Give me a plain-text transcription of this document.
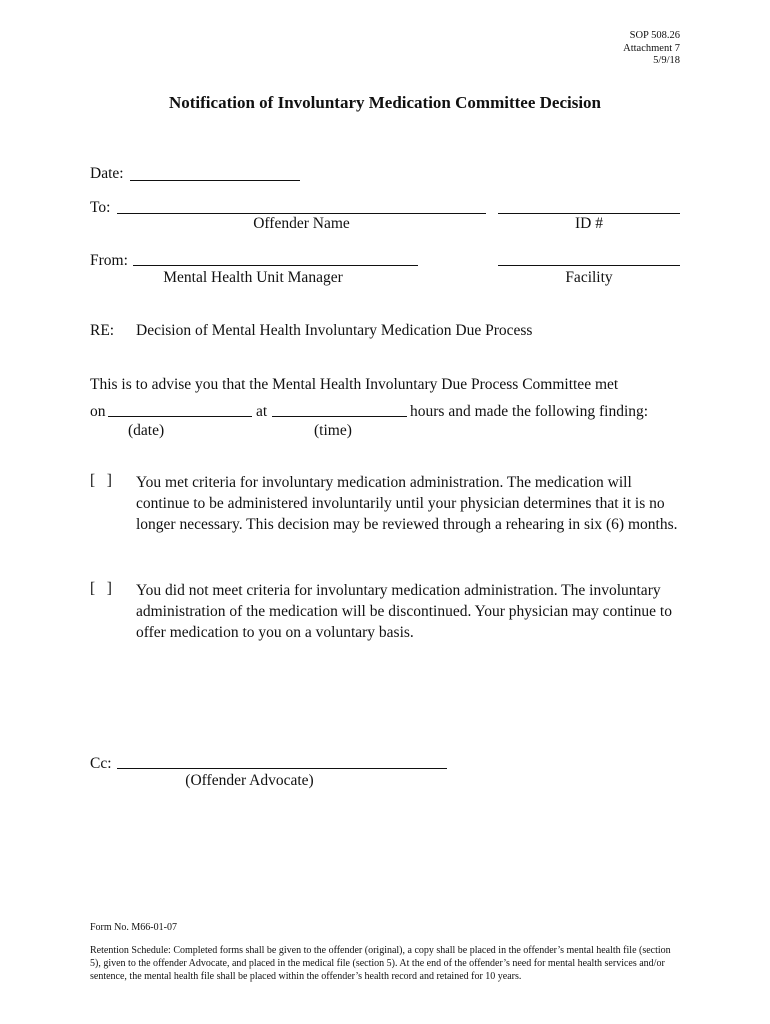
SOP 508.26
Attachment 7
5/9/18
Notification of Involuntary Medication Committee Decision
Date:
To:
Offender Name	ID #
From:
Mental Health Unit Manager	Facility
RE: Decision of Mental Health Involuntary Medication Due Process
This is to advise you that the Mental Health Involuntary Due Process Committee met
on	at	hours and made the following finding:
(date)	(time)
[   ] You met criteria for involuntary medication administration. The medication will
continue to be administered involuntarily until your physician determines that it is no
longer necessary. This decision may be reviewed through a rehearing in six (6) months.
[   ] You did not meet criteria for involuntary medication administration. The involuntary
administration of the medication will be discontinued. Your physician may continue to
offer medication to you on a voluntary basis.
Cc:
(Offender Advocate)
Form No. M66-01-07
Retention Schedule: Completed forms shall be given to the offender (original), a copy shall be placed in the offender’s mental health file (section
5), given to the offender Advocate, and placed in the medical file (section 5). At the end of the offender’s need for mental health services and/or
sentence, the mental health file shall be placed within the offender’s health record and retained for 10 years.
